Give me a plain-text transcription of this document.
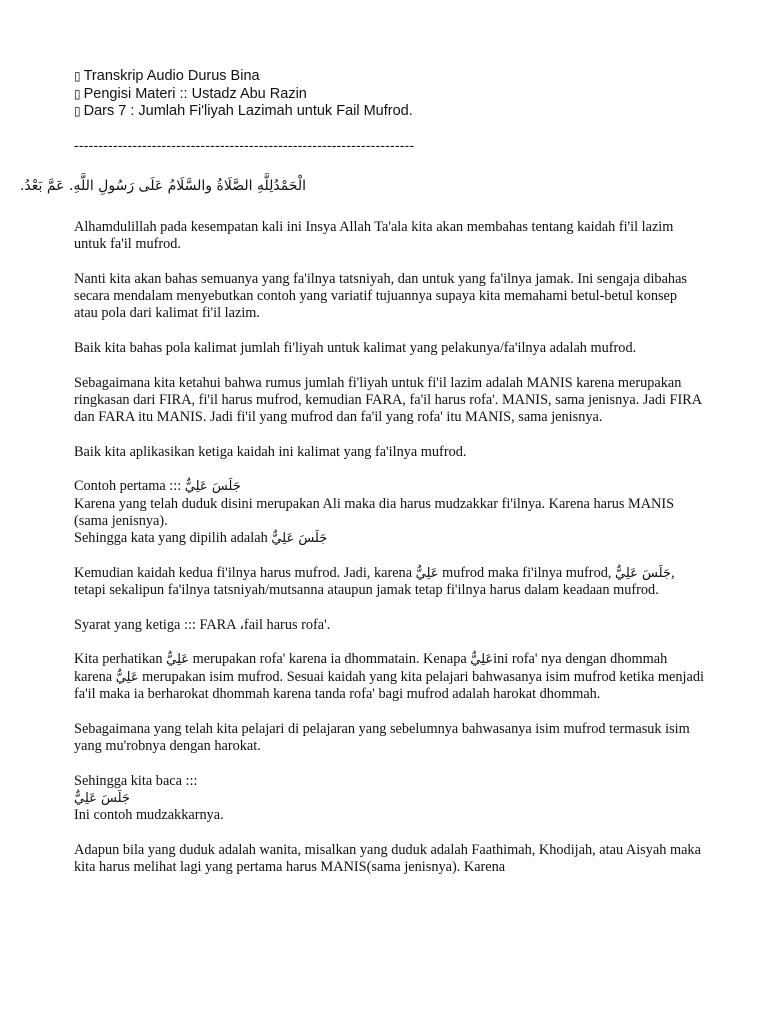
▯ Transkrip Audio Durus Bina
▯ Pengisi Materi :: Ustadz Abu Razin
▯ Dars 7 : Jumlah Fi'liyah Lazimah untuk Fail Mufrod.
----------------------------------------------------------------------
الْحَمْدُلِلَّهِ الصَّلَاةُ والسَّلَامُ عَلَى رَسُولِ اللَّهِ. عَمَّ بَعْدُ.

Alhamdulillah pada kesempatan kali ini Insya Allah Ta'ala kita akan membahas tentang kaidah fi'il lazim untuk fa'il mufrod.

Nanti kita akan bahas semuanya yang fa'ilnya tatsniyah, dan untuk yang fa'ilnya jamak. Ini sengaja dibahas secara mendalam menyebutkan contoh yang variatif tujuannya supaya kita memahami betul-betul konsep atau pola dari kalimat fi'il lazim.

Baik kita bahas pola kalimat jumlah fi'liyah untuk kalimat yang pelakunya/fa'ilnya adalah mufrod.

Sebagaimana kita ketahui bahwa rumus jumlah fi'liyah untuk fi'il lazim adalah MANIS karena merupakan ringkasan dari FIRA, fi'il harus mufrod, kemudian FARA, fa'il harus rofa'. MANIS, sama jenisnya. Jadi FIRA dan FARA itu MANIS. Jadi fi'il yang mufrod dan fa'il yang rofa' itu MANIS, sama jenisnya.

Baik kita aplikasikan ketiga kaidah ini kalimat yang fa'ilnya mufrod.

Contoh pertama ::: جَلَسَ عَلِيٌّ
Karena yang telah duduk disini merupakan Ali maka dia harus mudzakkar fi'ilnya. Karena harus MANIS (sama jenisnya).
Sehingga kata yang dipilih adalah جَلَسَ عَلِيٌّ

Kemudian kaidah kedua fi'ilnya harus mufrod. Jadi, karena عَلِيٌّ mufrod maka fi'ilnya mufrod, جَلَسَ عَلِيٌّ, tetapi sekalipun fa'ilnya tatsniyah/mutsanna ataupun jamak tetap fi'ilnya harus dalam keadaan mufrod.

Syarat yang ketiga ::: FARA ،fail harus rofa'.

Kita perhatikan عَلِيٌّ merupakan rofa' karena ia dhommatain. Kenapa عَلِيٌّini rofa' nya dengan dhommah karena عَلِيٌّ merupakan isim mufrod. Sesuai kaidah yang kita pelajari bahwasanya isim mufrod ketika menjadi fa'il maka ia berharokat dhommah karena tanda rofa' bagi mufrod adalah harokat dhommah.

Sebagaimana yang telah kita pelajari di pelajaran yang sebelumnya bahwasanya isim mufrod termasuk isim yang mu'robnya dengan harokat.

Sehingga kita baca :::
جَلَسَ عَلِيٌّ
Ini contoh mudzakkarnya.

Adapun bila yang duduk adalah wanita, misalkan yang duduk adalah Faathimah, Khodijah, atau Aisyah maka kita harus melihat lagi yang pertama harus MANIS(sama jenisnya). Karena
